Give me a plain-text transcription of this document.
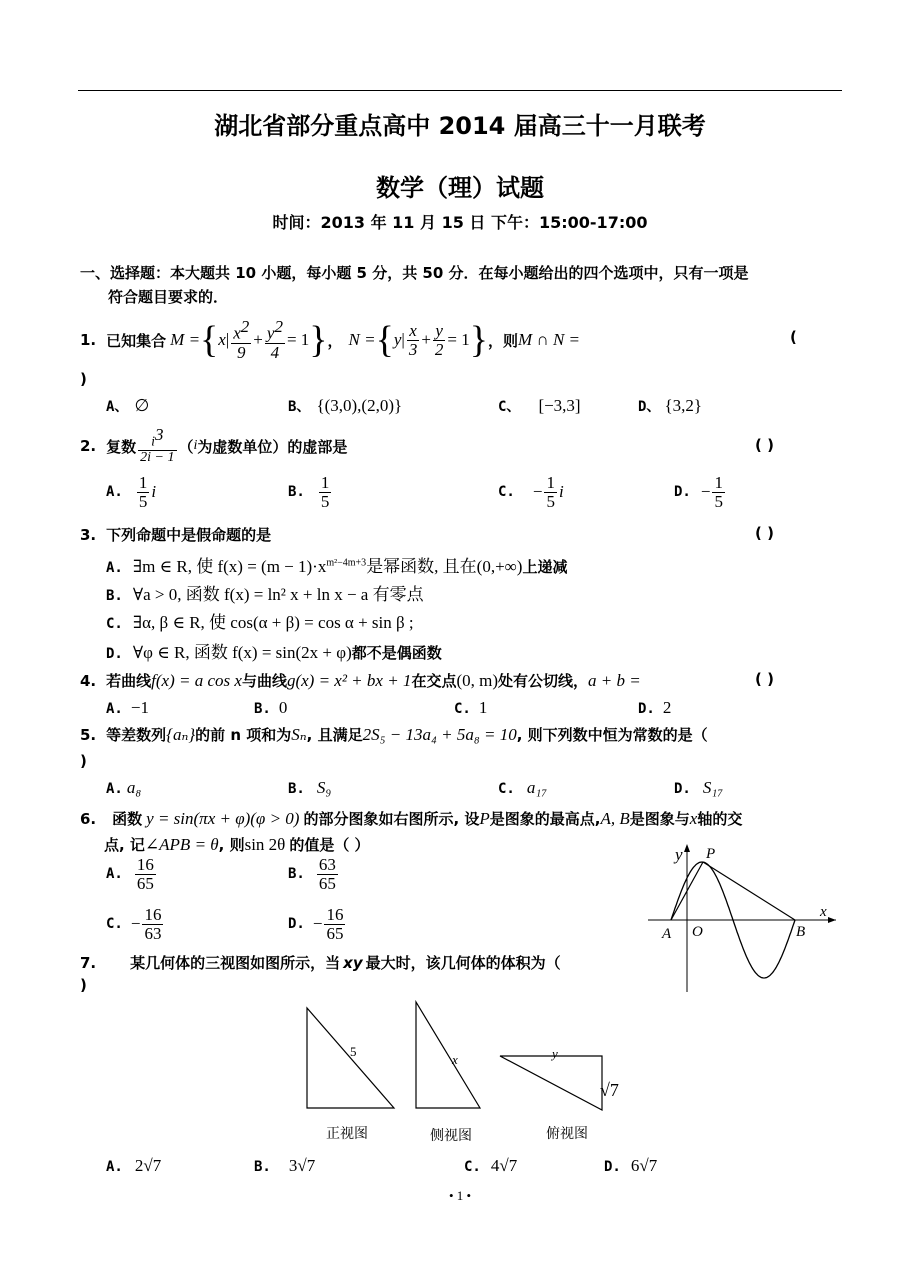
湖北省部分重点高中 2014 届高三十一月联考
数学（理）试题
时间：2013 年 11 月 15 日 下午：15:00-17:00
一、选择题：本大题共 10 小题，每小题 5 分，共 50 分．在每小题给出的四个选项中，只有一项是
符合题目要求的．
1. 已知集合 M = { x | $\frac{x^2}{9} + \frac{y^2}{4} = 1$ } ， N = { y | $\frac{x}{3} + \frac{y}{2} = 1$ } ，则 M ∩ N =	(
)
A、 ∅	B、 {(3,0),(2,0)}	C、 [−3,3]	D、 {3,2}
2. 复数 $\frac{i^3}{2i - 1}$ （ i 为虚数单位）的虚部是	( )
A. $\frac{1}{5}$ i	B. $\frac{1}{5}$	C. − $\frac{1}{5}$ i	D. − $\frac{1}{5}$
3. 下列命题中是假命题的是	( )
A. ∃m ∈ R, 使 $f(x) = (m - 1)\cdot x^{m^2-4m+3}$是幂函数, 且在(0,+∞)上递减
B. ∀a > 0, 函数 f(x) = ln² x + ln x − a 有零点
C. ∃α, β ∈ R, 使 cos(α + β) = cos α + sin β ;
D. ∀φ ∈ R, 函数 f(x) = sin(2x + φ)都不是偶函数
4. 若曲线f(x) = a cos x与曲线g(x) = x² + bx + 1在交点(0, m)处有公切线，a + b =	( )
A. −1	B. 0	C. 1	D. 2
5. 等差数列{aₙ}的前 n 项和为Sₙ, 且满足2S₅ − 13a₄ + 5a₈ = 10, 则下列数中恒为常数的是（
)
A. a₈	B. S₉	C. a₁₇	D. S₁₇
6. 函数 y = sin(πx + φ)(φ > 0) 的部分图象如右图所示, 设P是图象的最高点,A, B是图象与x轴的交
点, 记∠APB = θ, 则sin 2θ 的值是（ ）
A. $\frac{16}{65}$	B. $\frac{63}{65}$
C. − $\frac{16}{63}$	D. − $\frac{16}{65}$
y P
x
A O	B
7. 某几何体的三视图如图所示，当 xy 最大时，该几何体的体积为（
)
5
x	y
√7
正视图	侧视图	俯视图
A. 2√7	B. 3√7	C. 4√7	D. 6√7
• 1 •
